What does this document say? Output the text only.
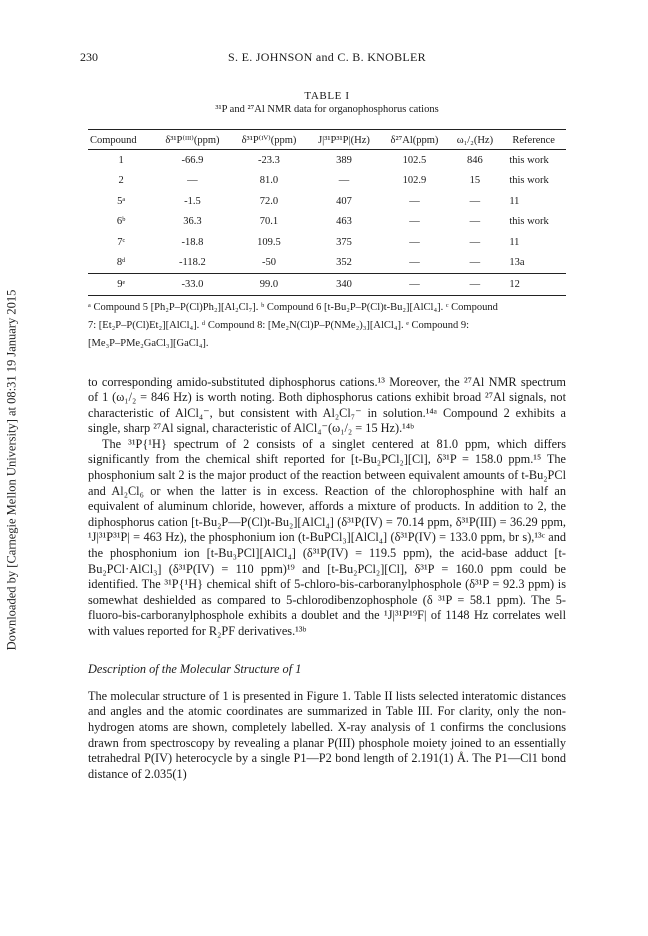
Downloaded by [Carnegie Mellon University] at 08:31 19 January 2015
230	S. E. JOHNSON and C. B. KNOBLER
TABLE I
³¹P and ²⁷Al NMR data for organophosphorus cations
Compound	δ³¹P⁽ᴵᴵᴵ⁾(ppm)	δ³¹P⁽ᴵⱽ⁾(ppm)	J|³¹P³¹P|(Hz)	δ²⁷Al(ppm)	ω₁/₂(Hz)	Reference
1	-66.9	-23.3	389	102.5	846	this work
2	—	81.0	—	102.9	15	this work
5ᵃ	-1.5	72.0	407	—	—	11
6ᵇ	36.3	70.1	463	—	—	this work
7ᶜ	-18.8	109.5	375	—	—	11
8ᵈ	-118.2	-50	352	—	—	13a
9ᵉ	-33.0	99.0	340	—	—	12
ᵃ Compound 5 [Ph₂P–P(Cl)Ph₂][Al₂Cl₇]. ᵇ Compound 6 [t-Bu₂P–P(Cl)t-Bu₂][AlCl₄]. ᶜ Compound
7: [Et₂P–P(Cl)Et₂][AlCl₄]. ᵈ Compound 8: [Me₂N(Cl)P–P(NMe₂)₃][AlCl₄]. ᵉ Compound 9:
[Me₃P–PMe₂GaCl₃][GaCl₄].

to corresponding amido-substituted diphosphorus cations.¹³ Moreover, the ²⁷Al NMR spectrum of 1 (ω₁/₂ = 846 Hz) is worth noting. Both diphosphorus cations exhibit broad ²⁷Al signals, not characteristic of AlCl₄⁻, but consistent with Al₂Cl₇⁻ in solution.¹⁴ᵃ Compound 2 exhibits a single, sharp ²⁷Al signal, characteristic of AlCl₄⁻(ω₁/₂ = 15 Hz).¹⁴ᵇ

The ³¹P{¹H} spectrum of 2 consists of a singlet centered at 81.0 ppm, which differs significantly from the chemical shift reported for [t-Bu₂PCl₂][Cl], δ³¹P = 158.0 ppm.¹⁵ The phosphonium salt 2 is the major product of the reaction between equivalent amounts of t-Bu₂PCl and Al₂Cl₆ or when the latter is in excess. Reaction of the chlorophosphine with half an equivalent of aluminum chloride, however, affords a mixture of products. In addition to 2, the diphosphorus cation [t-Bu₂P—P(Cl)t-Bu₂][AlCl₄] (δ³¹P(IV) = 70.14 ppm, δ³¹P(III) = 36.29 ppm, ¹J|³¹P³¹P| = 463 Hz), the phosphonium ion (t-BuPCl₃][AlCl₄] (δ³¹P(IV) = 133.0 ppm, br s),¹³ᶜ and the phosphonium ion [t-Bu₃PCl][AlCl₄] (δ³¹P(IV) = 119.5 ppm), the acid-base adduct [t-Bu₂PCl·AlCl₃] (δ³¹P(IV) = 110 ppm)¹⁹ and [t-Bu₂PCl₂][Cl], δ³¹P = 160.0 ppm could be identified. The ³¹P{¹H} chemical shift of 5-chloro-bis-carboranylphosphole (δ³¹P = 92.3 ppm) is somewhat deshielded as compared to 5-chlorodibenzophosphole (δ ³¹P = 58.1 ppm). The 5-fluoro-bis-carboranylphosphole exhibits a doublet and the ¹J|³¹P¹⁹F| of 1148 Hz correlates well with values reported for R₂PF derivatives.¹³ᵇ

Description of the Molecular Structure of 1

The molecular structure of 1 is presented in Figure 1. Table II lists selected interatomic distances and angles and the atomic coordinates are summarized in Table III. For clarity, only the non-hydrogen atoms are shown, completely labelled. X-ray analysis of 1 confirms the conclusions drawn from spectroscopy by revealing a planar P(III) phosphole moiety joined to an essentially tetrahedral P(IV) heterocycle by a single P1—P2 bond length of 2.191(1) Å. The P1—Cl1 bond distance of 2.035(1)
